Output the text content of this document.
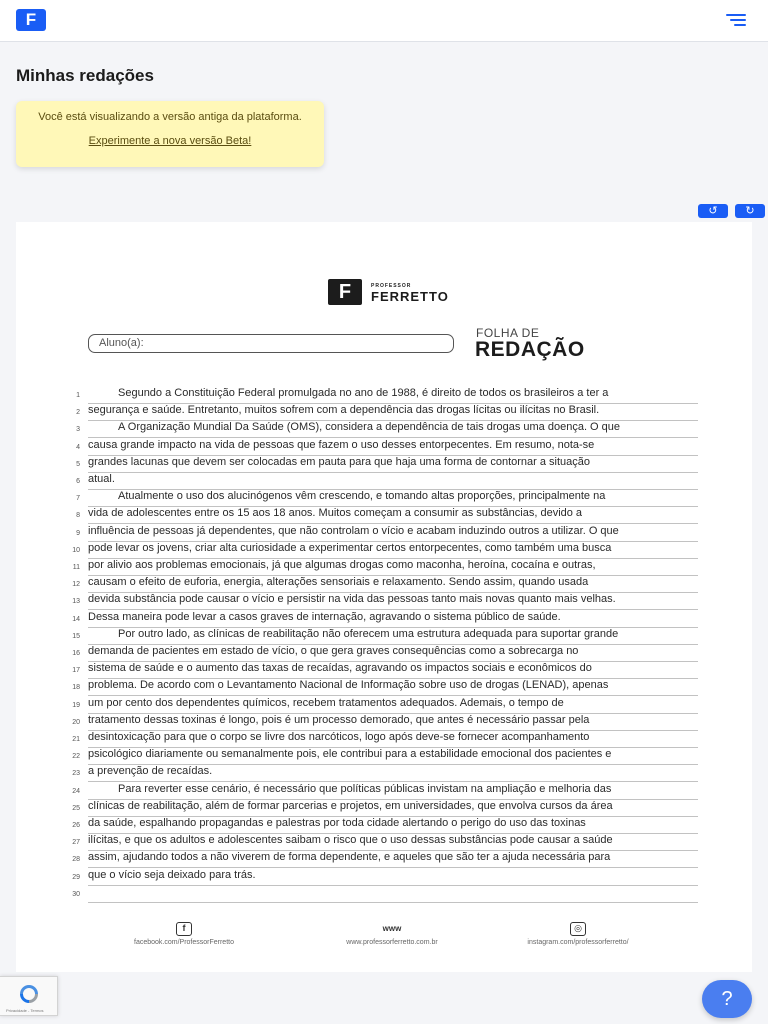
F
Minhas redações
Você está visualizando a versão antiga da plataforma.
Experimente a nova versão Beta!
↺	↻
F	PROFESSOR
FERRETTO
Aluno(a):
FOLHA DE
REDAÇÃO
1	Segundo a Constituição Federal promulgada no ano de 1988, é direito de todos os brasileiros a ter a
2 segurança e saúde. Entretanto, muitos sofrem com a dependência das drogas lícitas ou ilícitas no Brasil.
3	A Organização Mundial Da Saúde (OMS), considera a dependência de tais drogas uma doença. O que
4 causa grande impacto na vida de pessoas que fazem o uso desses entorpecentes. Em resumo, nota-se
5 grandes lacunas que devem ser colocadas em pauta para que haja uma forma de contornar a situação
6 atual.
7	Atualmente o uso dos alucinógenos vêm crescendo, e tomando altas proporções, principalmente na
8 vida de adolescentes entre os 15 aos 18 anos. Muitos começam a consumir as substâncias, devido a
9 influência de pessoas já dependentes, que não controlam o vício e acabam induzindo outros a utilizar. O que
10 pode levar os jovens, criar alta curiosidade a experimentar certos entorpecentes, como também uma busca
11 por alivio aos problemas emocionais, já que algumas drogas como maconha, heroína, cocaína e outras,
12 causam o efeito de euforia, energia, alterações sensoriais e relaxamento. Sendo assim, quando usada
13 devida substância pode causar o vício e persistir na vida das pessoas tanto mais novas quanto mais velhas.
14 Dessa maneira pode levar a casos graves de internação, agravando o sistema público de saúde.
15	Por outro lado, as clínicas de reabilitação não oferecem uma estrutura adequada para suportar grande
16 demanda de pacientes em estado de vício, o que gera graves consequências como a sobrecarga no
17 sistema de saúde e o aumento das taxas de recaídas, agravando os impactos sociais e econômicos do
18 problema. De acordo com o Levantamento Nacional de Informação sobre uso de drogas (LENAD), apenas
19 um por cento dos dependentes químicos, recebem tratamentos adequados. Ademais, o tempo de
20 tratamento dessas toxinas é longo, pois é um processo demorado, que antes é necessário passar pela
21 desintoxicação para que o corpo se livre dos narcóticos, logo após deve-se fornecer acompanhamento
22 psicológico diariamente ou semanalmente pois, ele contribui para a estabilidade emocional dos pacientes e
23 a prevenção de recaídas.
24	Para reverter esse cenário, é necessário que políticas públicas invistam na ampliação e melhoria das
25 clínicas de reabilitação, além de formar parcerias e projetos, em universidades, que envolva cursos da área
26 da saúde, espalhando propagandas e palestras por toda cidade alertando o perigo do uso das toxinas
27 ilícitas, e que os adultos e adolescentes saibam o risco que o uso dessas substâncias pode causar a saúde
28 assim, ajudando todos a não viverem de forma dependente, e aqueles que são ter a ajuda necessária para
29 que o vício seja deixado para trás.
30
f
facebook.com/ProfessorFerretto
www
www.professorferretto.com.br
◎
instagram.com/professorferretto/
Privacidade - Termos
?
